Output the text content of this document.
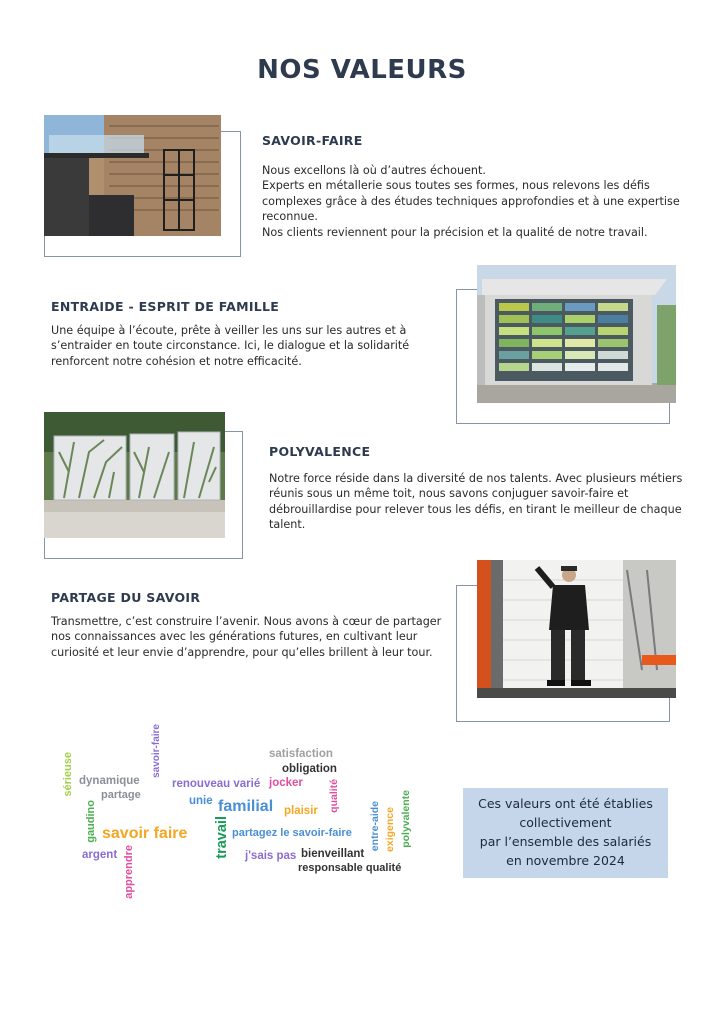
NOS VALEURS
SAVOIR-FAIRE
Nous excellons là où d’autres échouent.
Experts en métallerie sous toutes ses formes, nous relevons les défis
complexes grâce à des études techniques approfondies et à une expertise
reconnue.
Nos clients reviennent pour la précision et la qualité de notre travail.
ENTRAIDE - ESPRIT DE FAMILLE
Une équipe à l’écoute, prête à veiller les uns sur les autres et à
s’entraider en toute circonstance. Ici, le dialogue et la solidarité
renforcent notre cohésion et notre efficacité.
POLYVALENCE
Notre force réside dans la diversité de nos talents. Avec plusieurs métiers
réunis sous un même toit, nous savons conjuguer savoir-faire et
débrouillardise pour relever tous les défis, en tirant le meilleur de chaque
talent.
PARTAGE DU SAVOIR
Transmettre, c’est construire l’avenir. Nous avons à cœur de partager
nos connaissances avec les générations futures, en cultivant leur
curiosité et leur envie d’apprendre, pour qu’elles brillent à leur tour.
sérieuse dynamique
partage
savoir-faire
gaudino savoir faire
argent apprendre
satisfaction
obligation
renouveau varié jocker
unie familial plaisir qualité
travail partagez le savoir-faire
j'sais pas bienveillant
responsable qualité
entre-aide exigence polyvalente	Ces valeurs ont été établies
collectivement
par l’ensemble des salariés
en novembre 2024
